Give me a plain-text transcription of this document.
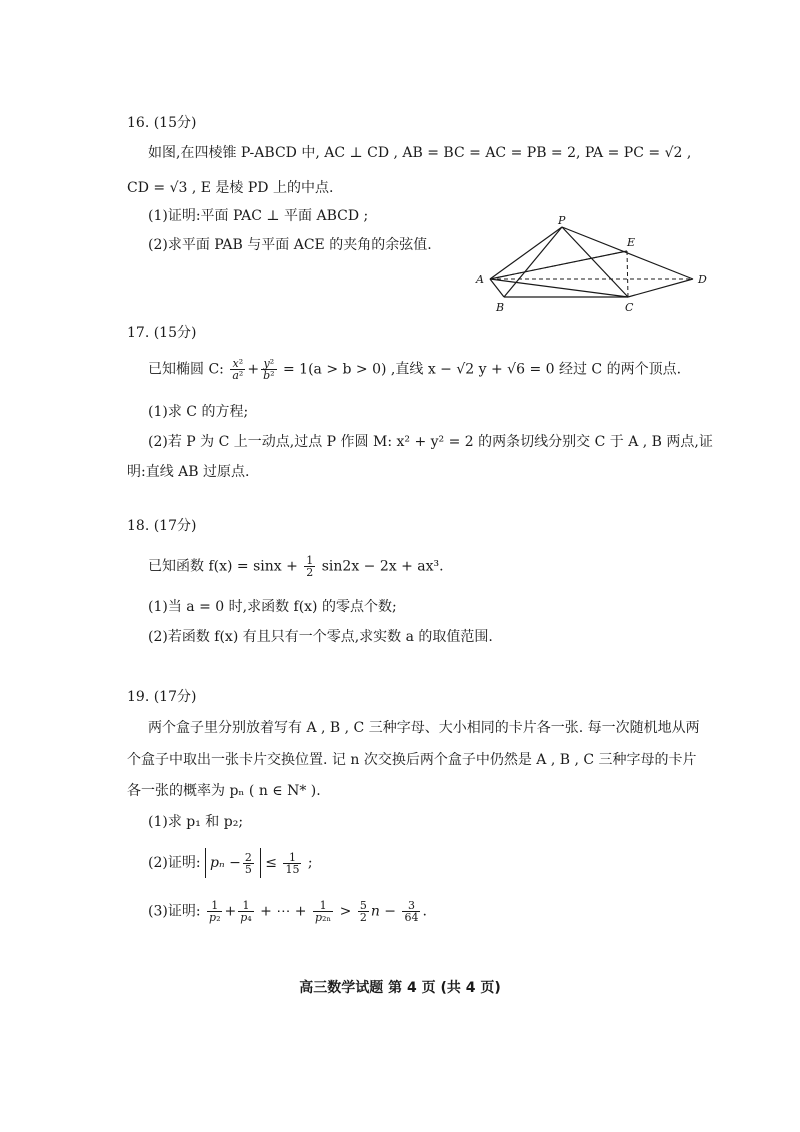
16. (15分)
如图,在四棱锥 P-ABCD 中, AC ⊥ CD , AB = BC = AC = PB = 2, PA = PC = √2 ,
CD = √3 , E 是棱 PD 上的中点.
(1)证明:平面 PAC ⊥ 平面 ABCD ;
(2)求平面 PAB 与平面 ACE 的夹角的余弦值.
P
A
B	C
D
E
17. (15分)
已知椭圆 C: $\frac{\text{x²}}{\text{a²}} + \frac{\text{y²}}{\text{b²}} = 1(a > b > 0)$ ,直线 x − √2 y + √6 = 0 经过 C 的两个顶点.
(1)求 C 的方程;
(2)若 P 为 C 上一动点,过点 P 作圆 M: x² + y² = 2 的两条切线分别交 C 于 A , B 两点,证
明:直线 AB 过原点.
18. (17分)
已知函数 $f(x) = \sin x + \frac{1}{2} \sin 2x - 2x + ax^3$.
(1)当 a = 0 时,求函数 f(x) 的零点个数;
(2)若函数 f(x) 有且只有一个零点,求实数 a 的取值范围.
19. (17分)
两个盒子里分别放着写有 A , B , C 三种字母、大小相同的卡片各一张. 每一次随机地从两
个盒子中取出一张卡片交换位置. 记 n 次交换后两个盒子中仍然是 A , B , C 三种字母的卡片
各一张的概率为 pₙ ( n ∈ N* ).
(1)求 p₁ 和 p₂;
(2)证明: $p_n - \frac{2}{5} \le \frac{1}{15}$ ;
(3)证明: $\frac{1}{\text{p₂}} + \frac{1}{\text{p₄}}$ + ⋯ + $\frac{1}{\text{p₂ₙ}} > \frac{5}{2}$ $n - \frac{3}{64}$ .
高三数学试题 第 4 页 (共 4 页)
